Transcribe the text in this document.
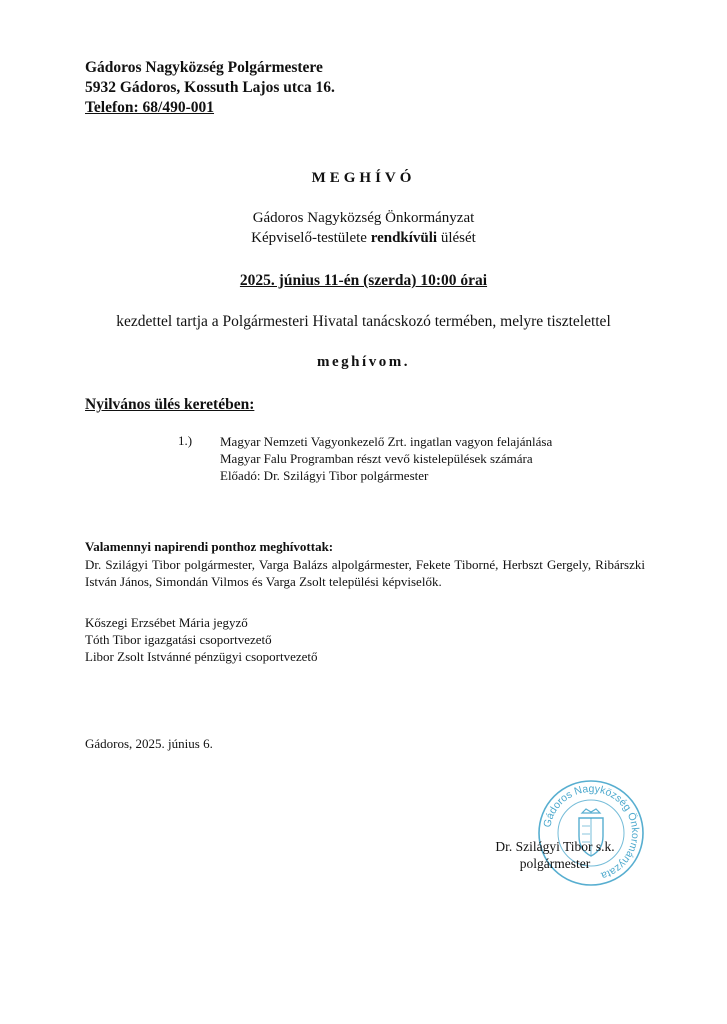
Gádoros Nagyközség Polgármestere
5932 Gádoros, Kossuth Lajos utca 16.
Telefon: 68/490-001
MEGHÍVÓ
Gádoros Nagyközség Önkormányzat
Képviselő-testülete rendkívüli ülését
2025. június 11-én (szerda) 10:00 órai
kezdettel tartja a Polgármesteri Hivatal tanácskozó termében, melyre tisztelettel
meghívom.
Nyilvános ülés keretében:
1.) Magyar Nemzeti Vagyonkezelő Zrt. ingatlan vagyon felajánlása
Magyar Falu Programban részt vevő kistelepülések számára
Előadó: Dr. Szilágyi Tibor polgármester
Valamennyi napirendi ponthoz meghívottak:
Dr. Szilágyi Tibor polgármester, Varga Balázs alpolgármester, Fekete Tiborné, Herbszt Gergely, Ribárszki István János, Simondán Vilmos és Varga Zsolt települési képviselők.
Kőszegi Erzsébet Mária jegyző
Tóth Tibor igazgatási csoportvezető
Libor Zsolt Istvánné pénzügyi csoportvezető
Gádoros, 2025. június 6.
Gádoros Nagyközség Önkormányzata
Dr. Szilágyi Tibor s.k.
polgármester
